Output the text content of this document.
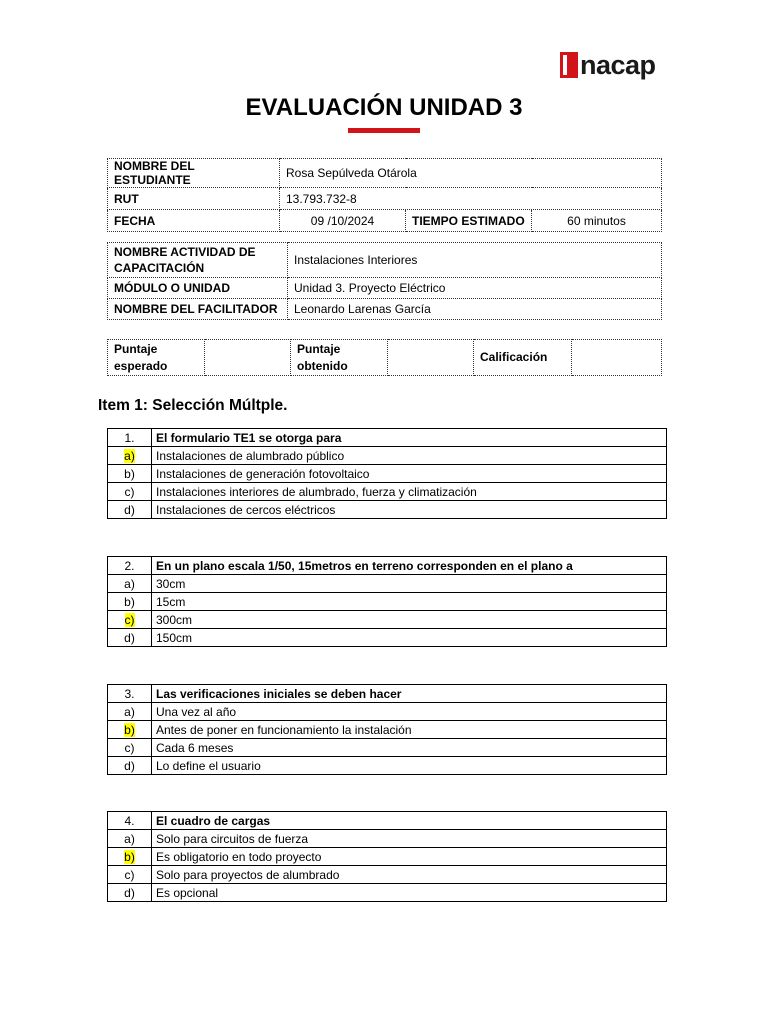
nacap
EVALUACIÓN UNIDAD 3
NOMBRE DEL ESTUDIANTE	Rosa Sepúlveda Otárola		
RUT	13.793.732-8		
FECHA	09 /10/2024	TIEMPO ESTIMADO	60 minutos
NOMBRE ACTIVIDAD DE CAPACITACIÓN	Instalaciones Interiores
MÓDULO O UNIDAD	Unidad 3. Proyecto Eléctrico
NOMBRE DEL FACILITADOR	Leonardo Larenas García
Puntaje esperado		Puntaje obtenido		Calificación	
Item 1: Selección Múltple.
1.	El formulario TE1 se otorga para
a)	Instalaciones de alumbrado público
b)	Instalaciones de generación fotovoltaico
c)	Instalaciones interiores de alumbrado, fuerza y climatización
d)	Instalaciones de cercos eléctricos
2.	En un plano escala 1/50, 15metros en terreno corresponden en el plano a
a)	30cm
b)	15cm
c)	300cm
d)	150cm
3.	Las verificaciones iniciales se deben hacer
a)	Una vez al año
b)	Antes de poner en funcionamiento la instalación
c)	Cada 6 meses
d)	Lo define el usuario
4.	El cuadro de cargas
a)	Solo para circuitos de fuerza
b)	Es obligatorio en todo proyecto
c)	Solo para proyectos de alumbrado
d)	Es opcional
